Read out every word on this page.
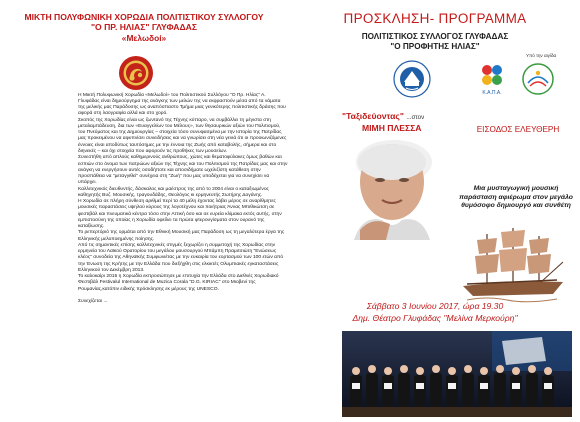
ΜΙΚΤΗ ΠΟΛΥΦΩΝΙΚΗ ΧΟΡΩΔΙΑ ΠΟΛΙΤΙΣΤΙΚΟΥ ΣΥΛΛΟΓΟΥ
"Ο ΠΡ. ΗΛΙΑΣ" ΓΛΥΦΑΔΑΣ
«Μελωδοί»

Η Μικτή Πολυφωνική Χορωδία «Μελωδοί» του Πολιτιστικού Συλλόγου "Ο Πρ. Ηλίας" Α. Γλυφάδας είναι δημιούργημα της ανάγκης των μελών της να εκφραστούν μέσα από τα νάματα της μελικής μας Παράδοσης ως αναπόσπαστο Τμήμα μιας γενικότερης πολιτιστικής δράσης που αφορά στη λαογραφία αλλά και στο χορό.

Σκοπός της Χορωδίας είναι ως ζωντανό της Τέχνης κύτταρο, να συμβάλλει τη μέγιστα στη μεταλαμπάδευση, δια των «Ευαγγελίων του Μέλους», των θησαυρικών αξιών του Πολιτισμού, του Πνεύματος και της Δημιουργίας – στοιχεία τόσο συνυφασμένα με την Ιστορία της Πατρίδας μας προκειμένου να αφυπνίσει συνειδήσεις και να γνωρίσει στη νέα γενιά ότι οι προοιωνιζόμενες έννοιες είναι αποδύτως ταυτόσημες με την έννοια της Ζωής από καταβολής, σήμερα και στο διηνεκές – και όχι στοιχεία που αφορούν τις προθήκες των μουσείων.

Συνεστήθη από απλούς καθημερινούς ανθρώπους, χώτες και θεματοφύλακες όμως βαθών και εσπιών στο όνομα των πατρώων αξιών της Τέχνης και του Πολιτισμού της Πατρίδας μας και στην ανάγκη να ενεργήσουν αυτές οσοδήποτε και αποσιδήματε ωχελιζίστη κατάθεση στην προσπάθεια να "μεταγγιθεί" συνέχεια στη "Ζωή" που μας υποδέχεται για να συνεχίσει να υπάρχει.

Καλλιτεχνικός διευθυντής, δάσκαλος και μαέστρος της από το 2004 είναι ο καταξιωμένος καθηγητής Βυζ. Μουσικής, τραγουδάδης, Θεολόγος κι ερμηνευτής Σωτήρης Δογάνης.

Η Χορωδία σε πλήρη σύνθεση αριθμεί περί τα 40 μέλη έχοντας λάβει μέρος σε αναρίθμητες μουσικές παραστάσεις υψηλού κύρους της λογοτέχνου και ποιήτριας Άννας Μπιθικώτση σε φεστιβάλ και πνευματικά κέντρα τόσο στην Αττική όσο και σε ευρεία κλίμακα εκτός αυτής, στην εμπιστοσύνη της οποίας η Χορωδία οφείλει τα πρώτα φτερουγίσματα στον ουρανό της καταξίωσης.

Το ρεπερτόριό της ορμάται από την Εθνική Μουσική μας Παράδοση ως τη μεγαλύτερα έργα της Ελληνικής μελοποιημένης ποίησης.

Από τις σημαντικές επίσης καλλιτεχνικές στιγμές ξεχωρίζει η συμμετοχή της Χορωδίας στην ερμηνεία του Λαϊκού Ορατορίου του μεγάλου μουσουργού Μπάμπη Πραμιτσιώτη "Ενώσεως κλέος" συνοδεία της Αθηναϊκής Συμφωνιέτας με την ευκαιρία του εορτασμού των 100 ετών από την Ένωση της Κρήτης με την Ελλάδα που διεξήχθη στις ελκικτές Ολυμπιακές εγκαταστάσεις Ελληνικού τον Δεκέμβρη 2013.

Το καλοκαίρι 2015 η Χορωδία εκπροσώπησε με επιτυχία την Ελλάδα στο Διεθνές Χορωδιακό Φεστιβάλ Festivalul International de Muzica Corala "D.G. KIRIAC" στο Μιοβενί της Ρουμανίας,κατόπιν ειδικής πρόσκλησης εκ μέρους της UNESCO.

Συνεχίζεται ...

ΠΡΟΣΚΛΗΣΗ- ΠΡΟΓΡΑΜΜΑ
ΠΟΛΙΤΙΣΤΙΚΟΣ ΣΥΛΛΟΓΟΣ ΓΛΥΦΑΔΑΣ
"Ο ΠΡΟΦΗΤΗΣ ΗΛΙΑΣ"
Υπό την αιγίδα
Κ.Α.Π.Α.
"Ταξιδεύοντας" ...στον
ΜΙΜΗ ΠΛΕΣΣΑ	ΕΙΣΟΔΟΣ ΕΛΕΥΘΕΡΗ
Μια μυσταγωγική μουσική παράσταση αφιέρωμα στον μεγάλο θυμόσοφο δημιουργό και συνθέτη
Σάββατο 3 Ιουνίου 2017, ώρα 19.30
Δημ. Θέατρο Γλυφάδας "Μελίνα Μερκούρη"
